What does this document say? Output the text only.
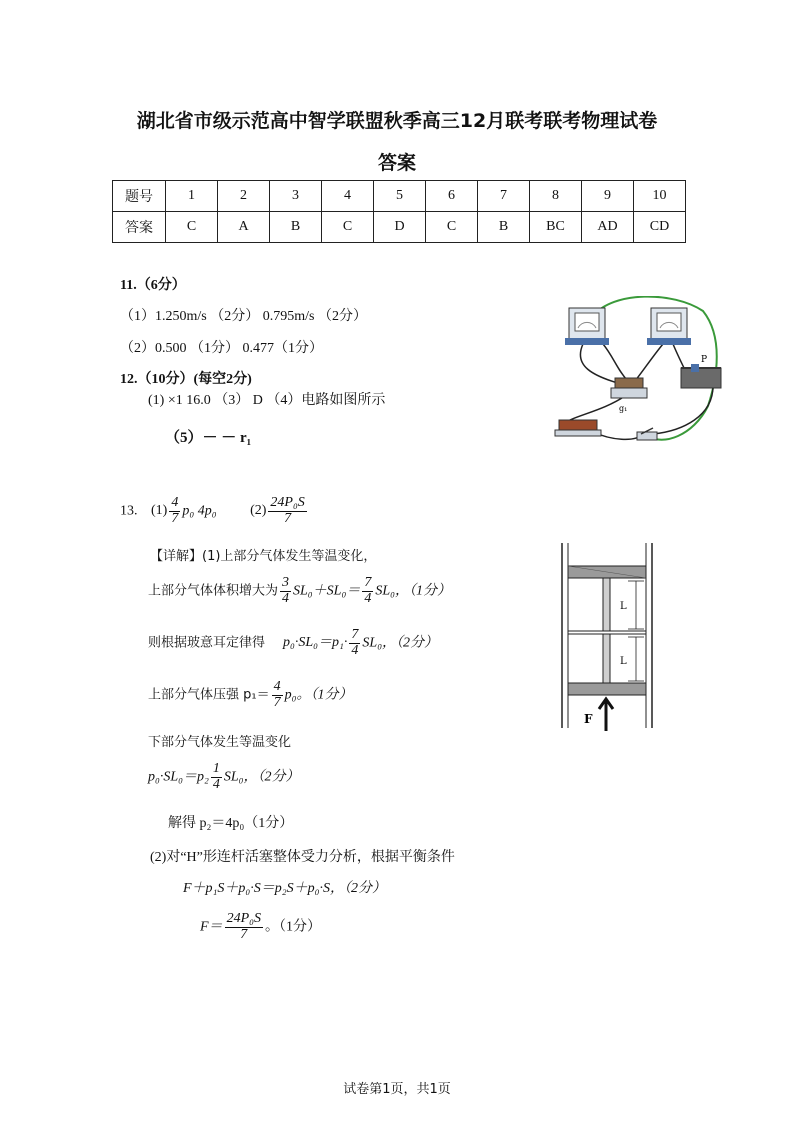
湖北省市级示范高中智学联盟秋季高三12月联考联考物理试卷
答案
题号	1	2	3	4	5	6	7	8	9	10
答案	C	A	B	C	D	C	B	BC	AD	CD
11.（6分）
（1）1.250m/s （2分） 0.795m/s （2分）
（2）0.500 （1分） 0.477（1分）
12.（10分）(每空2分)
(1) ×1 16.0 （3） D （4）电路如图所示
（5）－ － r₁
g₁
P
13. $(1) \frac{4}{7} p_0$ 4p₀ $(2) \frac{\text{24P₀S}}{7}$
【详解】(1)上部分气体发生等温变化，
上部分气体体积增大为 $\frac{3}{4} SL_0+SL_0= \frac{7}{4} SL_0$，（1分）
则根据玻意耳定律得 $p_0\cdot SL_0=p_1\cdot \frac{7}{4} SL_0$，（2分）
上部分气体压强 $p_1= \frac{4}{7} p_0$。（1分）
下部分气体发生等温变化
$p_0\cdot SL_0=p_2 \frac{1}{4} SL_0$，（2分）
解得 p₂＝4p₀（1分）
(2)对“H”形连杆活塞整体受力分析，根据平衡条件
F＋p₁S＋p₀·S＝p₂S＋p₀·S，（2分）
$F= \frac{\text{24P₀S}}{7}$ 。（1分）
L
L
F
试卷第1页，共1页
